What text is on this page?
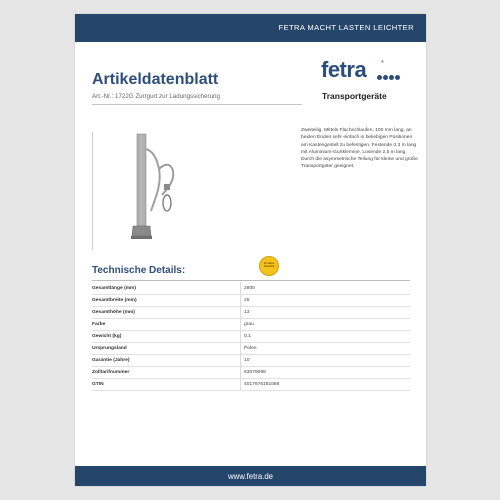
FETRA MACHT LASTEN LEICHTER
Artikeldatenblatt
Art.-Nr.: 1722G Zurrgurt zur Ladungssicherung
fetra	®
Transportgeräte
Zweiteilig. Mittels Flachschlaufen, 100 mm lang, an beiden Enden sehr einfach in beliebigen Positionen am Kastengestell zu befestigen. Festende 0,3 m lang mit Aluminium-Gurtklemme, Losende 2,5 m lang. Durch die asymmetrische Teilung für kleine und große Transportgüter geeignet.
Technische Details:
10 Jahre
Garantie
Gesamtlänge (mm)	2800
Gesamtbreite (mm)	25
Gesamthöhe (mm)	13
Farbe	grau
Gewicht (kg)	0,1
Ursprungsland	Polen
Garantie (Jahre)	10
Zolltarifnummer	63079098
GTIN	4017976181066
www.fetra.de
